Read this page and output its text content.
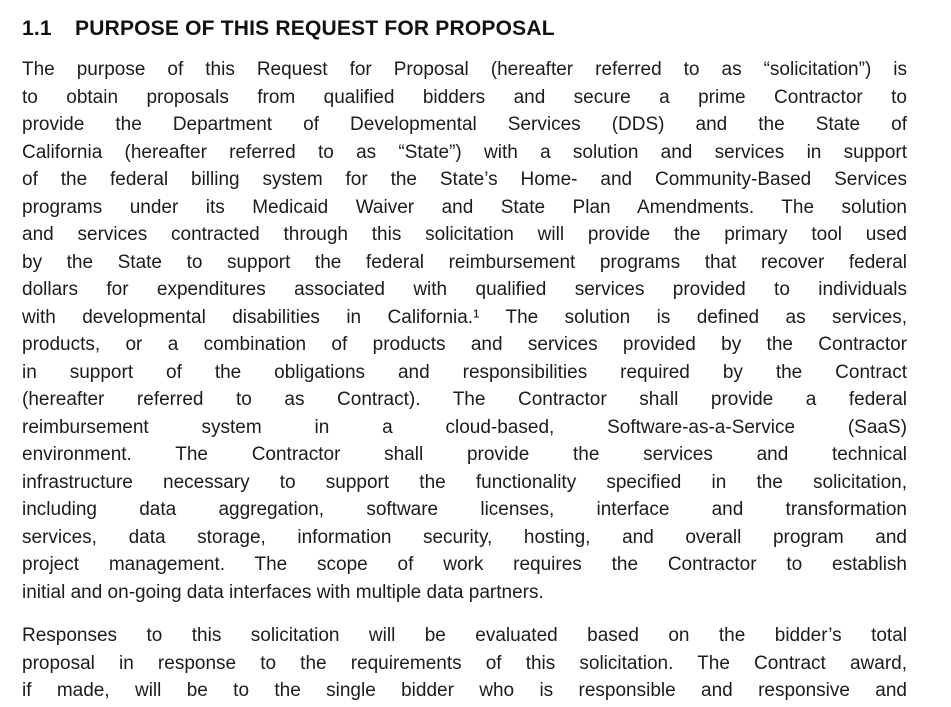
1.1	PURPOSE OF THIS REQUEST FOR PROPOSAL
The purpose of this Request for Proposal (hereafter referred to as “solicitation”) is
to obtain proposals from qualified bidders and secure a prime Contractor to
provide the Department of Developmental Services (DDS) and the State of
California (hereafter referred to as “State”) with a solution and services in support
of the federal billing system for the State’s Home- and Community-Based Services
programs under its Medicaid Waiver and State Plan Amendments. The solution
and services contracted through this solicitation will provide the primary tool used
by the State to support the federal reimbursement programs that recover federal
dollars for expenditures associated with qualified services provided to individuals
with developmental disabilities in California.¹ The solution is defined as services,
products, or a combination of products and services provided by the Contractor
in support of the obligations and responsibilities required by the Contract
(hereafter referred to as Contract). The Contractor shall provide a federal
reimbursement system in a cloud-based, Software-as-a-Service (SaaS)
environment. The Contractor shall provide the services and technical
infrastructure necessary to support the functionality specified in the solicitation,
including data aggregation, software licenses, interface and transformation
services, data storage, information security, hosting, and overall program and
project management. The scope of work requires the Contractor to establish
initial and on-going data interfaces with multiple data partners.
Responses to this solicitation will be evaluated based on the bidder’s total
proposal in response to the requirements of this solicitation. The Contract award,
if made, will be to the single bidder who is responsible and responsive and
